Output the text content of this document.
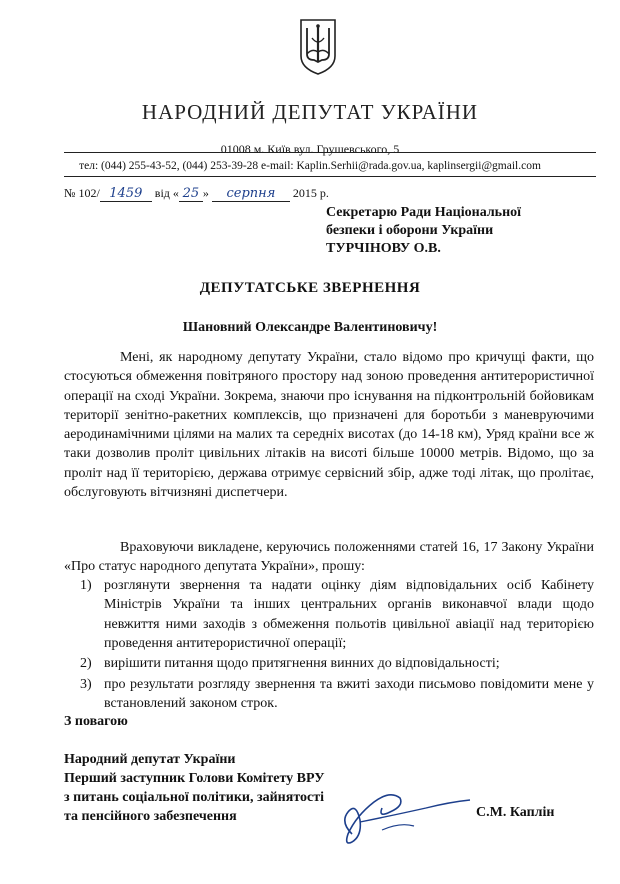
НАРОДНИЙ ДЕПУТАТ УКРАЇНИ
01008 м. Київ вул. Грушевського, 5
тел: (044) 255-43-52, (044) 253-39-28 e-mail: Kaplin.Serhii@rada.gov.ua, kaplinsergii@gmail.com
№ 102/ 1459 від « 25 » серпня 2015 р.
Секретарю Ради Національної
безпеки і оборони України
ТУРЧІНОВУ О.В.
ДЕПУТАТСЬКЕ ЗВЕРНЕННЯ
Шановний Олександре Валентиновичу!
Мені, як народному депутату України, стало відомо про кричущі факти, що стосуються обмеження повітряного простору над зоною проведення антитерористичної операції на сході України. Зокрема, знаючи про існування на підконтрольній бойовикам території зенітно-ракетних комплексів, що призначені для боротьби з маневруючими аеродинамічними цілями на малих та середніх висотах (до 14-18 км), Уряд країни все ж таки дозволив проліт цивільних літаків на висоті більше 10000 метрів. Відомо, що за проліт над її територією, держава отримує сервісний збір, адже тоді літак, що пролітає, обслуговують вітчизняні диспетчери.
Враховуючи викладене, керуючись положеннями статей 16, 17 Закону України «Про статус народного депутата України», прошу:
1) розглянути звернення та надати оцінку діям відповідальних осіб Кабінету Міністрів України та інших центральних органів виконавчої влади щодо невжиття ними заходів з обмеження польотів цивільної авіації над територією проведення антитерористичної операції;
2) вирішити питання щодо притягнення винних до відповідальності;
3) про результати розгляду звернення та вжиті заходи письмово повідомити мене у встановлений законом строк.
З повагою
Народний депутат України
Перший заступник Голови Комітету ВРУ
з питань соціальної політики, зайнятості
та пенсійного забезпечення	С.М. Каплін
